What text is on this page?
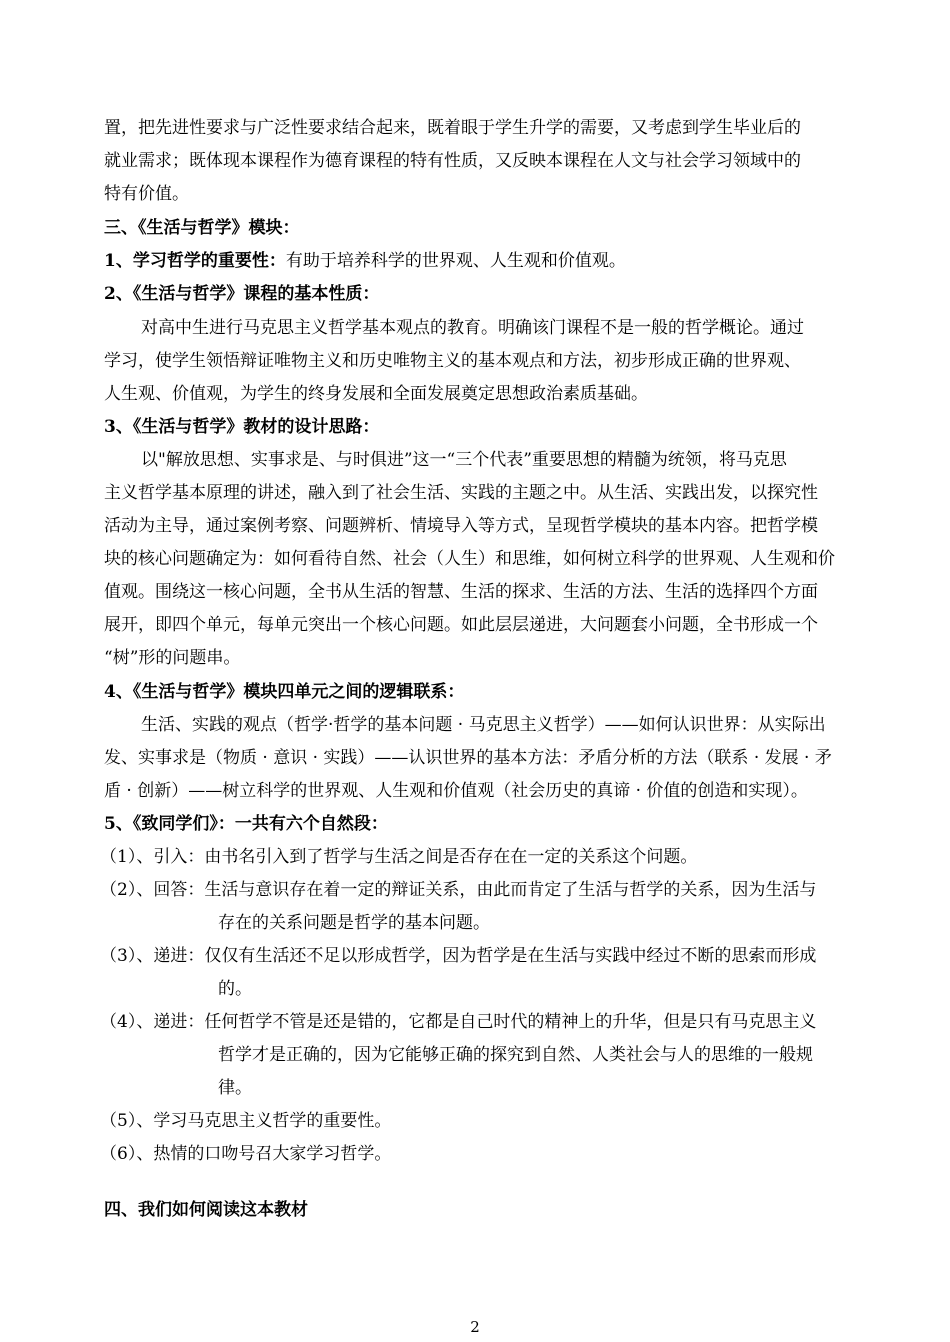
置，把先进性要求与广泛性要求结合起来，既着眼于学生升学的需要，又考虑到学生毕业后的
就业需求；既体现本课程作为德育课程的特有性质，又反映本课程在人文与社会学习领域中的
特有价值。
三、《生活与哲学》模块：
1、学习哲学的重要性：有助于培养科学的世界观、人生观和价值观。
2、《生活与哲学》课程的基本性质：
对高中生进行马克思主义哲学基本观点的教育。明确该门课程不是一般的哲学概论。通过
学习，使学生领悟辩证唯物主义和历史唯物主义的基本观点和方法，初步形成正确的世界观、
人生观、价值观，为学生的终身发展和全面发展奠定思想政治素质基础。
3、《生活与哲学》教材的设计思路：
以"解放思想、实事求是、与时俱进”这一“三个代表”重要思想的精髓为统领，将马克思
主义哲学基本原理的讲述，融入到了社会生活、实践的主题之中。从生活、实践出发，以探究性
活动为主导，通过案例考察、问题辨析、情境导入等方式，呈现哲学模块的基本内容。把哲学模
块的核心问题确定为：如何看待自然、社会（人生）和思维，如何树立科学的世界观、人生观和价
值观。围绕这一核心问题，全书从生活的智慧、生活的探求、生活的方法、生活的选择四个方面
展开，即四个单元，每单元突出一个核心问题。如此层层递进，大问题套小问题，全书形成一个
“树”形的问题串。
4、《生活与哲学》模块四单元之间的逻辑联系：
生活、实践的观点（哲学·哲学的基本问题 · 马克思主义哲学）——如何认识世界：从实际出
发、实事求是（物质 · 意识 · 实践）——认识世界的基本方法：矛盾分析的方法（联系 · 发展 · 矛
盾 · 创新）——树立科学的世界观、人生观和价值观（社会历史的真谛 · 价值的创造和实现）。
5、《致同学们》：一共有六个自然段：
（1）、引入：由书名引入到了哲学与生活之间是否存在在一定的关系这个问题。
（2）、回答：生活与意识存在着一定的辩证关系，由此而肯定了生活与哲学的关系，因为生活与
存在的关系问题是哲学的基本问题。
（3）、递进：仅仅有生活还不足以形成哲学，因为哲学是在生活与实践中经过不断的思索而形成
的。
（4）、递进：任何哲学不管是还是错的，它都是自己时代的精神上的升华，但是只有马克思主义
哲学才是正确的，因为它能够正确的探究到自然、人类社会与人的思维的一般规
律。
（5）、学习马克思主义哲学的重要性。
（6）、热情的口吻号召大家学习哲学。
四、我们如何阅读这本教材
2
